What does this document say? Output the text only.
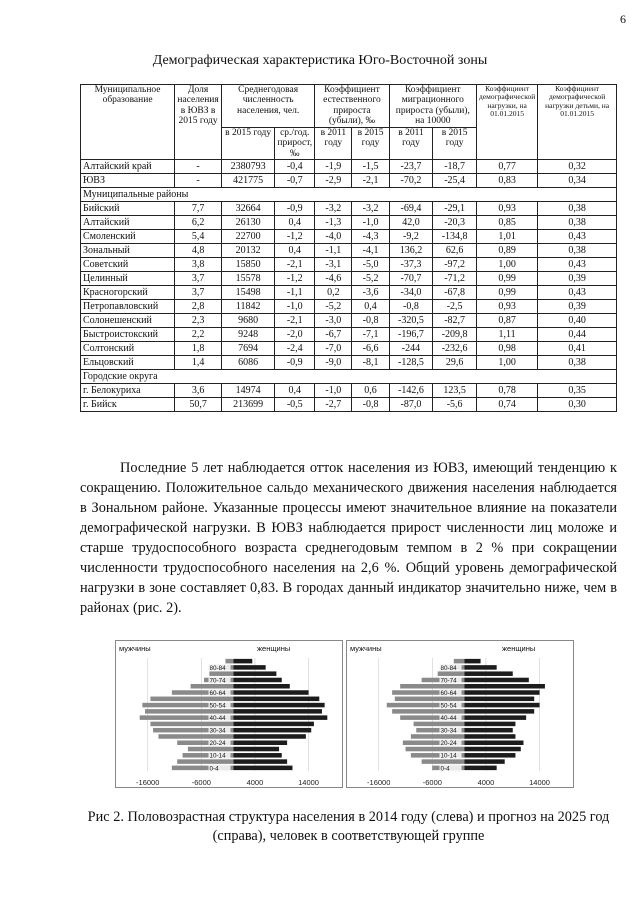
6
Демографическая характеристика Юго-Восточной зоны
Муниципальное образование	Доля населения в ЮВЗ в 2015 году	Среднегодовая численность населения, чел.		Коэффициент естественного прироста (убыли), ‰		Коэффициент миграционного прироста (убыли), на 10000		Коэффициент демографической нагрузки, на 01.01.2015	Коэффициент демографической нагрузки детьми, на 01.01.2015
		в 2015 году	ср./год. прирост, ‰	в 2011 году	в 2015 году	в 2011 году	в 2015 году		
Алтайский край	-	2380793	-0,4	-1,9	-1,5	-23,7	-18,7	0,77	0,32
ЮВЗ	-	421775	-0,7	-2,9	-2,1	-70,2	-25,4	0,83	0,34
Муниципальные районы									
Бийский	7,7	32664	-0,9	-3,2	-3,2	-69,4	-29,1	0,93	0,38
Алтайский	6,2	26130	0,4	-1,3	-1,0	42,0	-20,3	0,85	0,38
Смоленский	5,4	22700	-1,2	-4,0	-4,3	-9,2	-134,8	1,01	0,43
Зональный	4,8	20132	0,4	-1,1	-4,1	136,2	62,6	0,89	0,38
Советский	3,8	15850	-2,1	-3,1	-5,0	-37,3	-97,2	1,00	0,43
Целинный	3,7	15578	-1,2	-4,6	-5,2	-70,7	-71,2	0,99	0,39
Красногорский	3,7	15498	-1,1	0,2	-3,6	-34,0	-67,8	0,99	0,43
Петропавловский	2,8	11842	-1,0	-5,2	0,4	-0,8	-2,5	0,93	0,39
Солонешенский	2,3	9680	-2,1	-3,0	-0,8	-320,5	-82,7	0,87	0,40
Быстроистокский	2,2	9248	-2,0	-6,7	-7,1	-196,7	-209,8	1,11	0,44
Солтонский	1,8	7694	-2,4	-7,0	-6,6	-244	-232,6	0,98	0,41
Ельцовский	1,4	6086	-0,9	-9,0	-8,1	-128,5	29,6	1,00	0,38
Городские округа									
г. Белокуриха	3,6	14974	0,4	-1,0	0,6	-142,6	123,5	0,78	0,35
г. Бийск	50,7	213699	-0,5	-2,7	-0,8	-87,0	-5,6	0,74	0,30

Последние 5 лет наблюдается отток населения из ЮВЗ, имеющий тенденцию к сокращению. Положительное сальдо механического движения населения наблюдается в Зональном районе. Указанные процессы имеют значительное влияние на показатели демографической нагрузки. В ЮВЗ наблюдается прирост численности лиц моложе и старше трудоспособного возраста среднегодовым темпом в 2 % при сокращении численности трудоспособного населения на 2,6 %. Общий уровень демографической нагрузки в зоне составляет 0,83. В городах данный индикатор значительно ниже, чем в районах (рис. 2).

-16000	-6000	4000	14000
0-4
10-14
20-24
30-34
40-44
50-54
60-64
70-74
80-84
мужчины	женщины
-16000	-6000	4000	14000
0-4
10-14
20-24
30-34
40-44
50-54
60-64
70-74
80-84
мужчины	женщины
Рис 2. Половозрастная структура населения в 2014 году (слева) и прогноз на 2025 год (справа), человек в соответствующей группе
